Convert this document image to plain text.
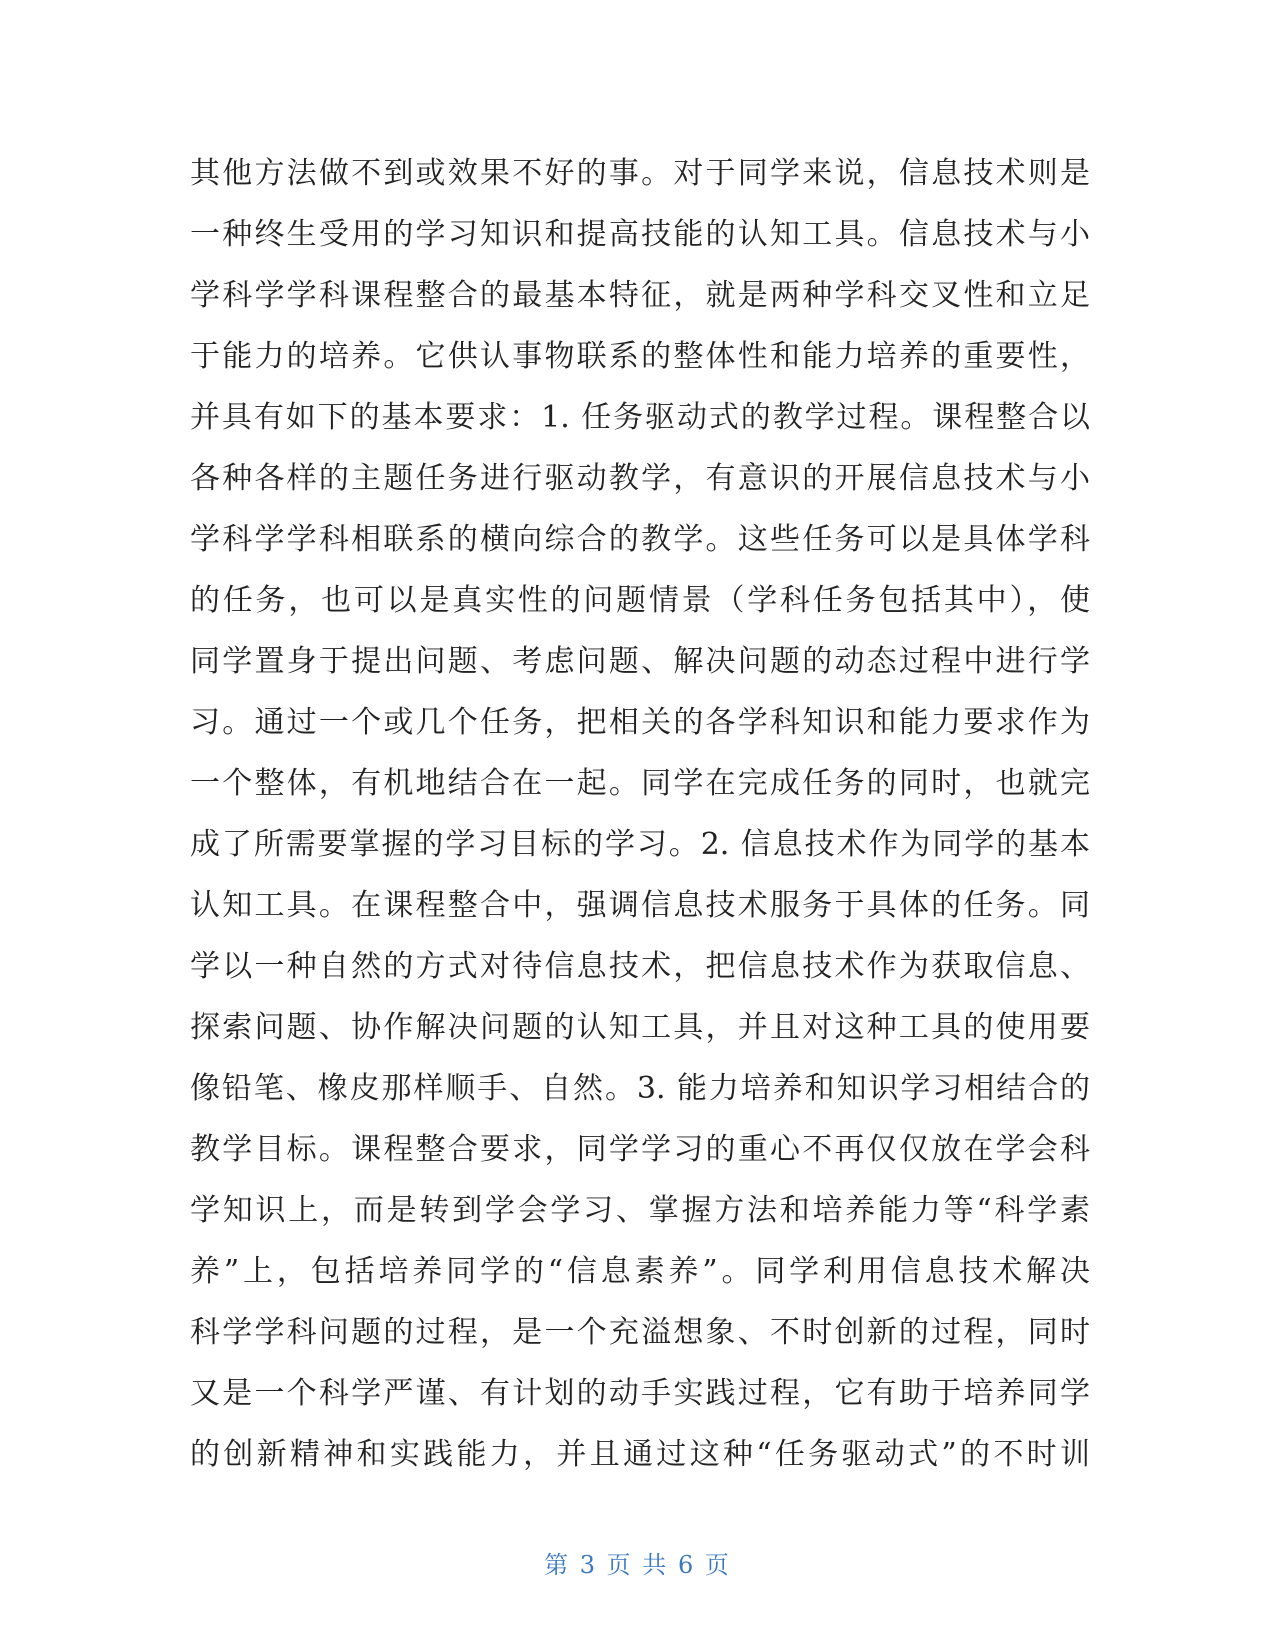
其他方法做不到或效果不好的事。对于同学来说，信息技术则是
一种终生受用的学习知识和提高技能的认知工具。信息技术与小
学科学学科课程整合的最基本特征，就是两种学科交叉性和立足
于能力的培养。它供认事物联系的整体性和能力培养的重要性，
并具有如下的基本要求：1. 任务驱动式的教学过程。课程整合以
各种各样的主题任务进行驱动教学，有意识的开展信息技术与小
学科学学科相联系的横向综合的教学。这些任务可以是具体学科
的任务，也可以是真实性的问题情景（学科任务包括其中），使
同学置身于提出问题、考虑问题、解决问题的动态过程中进行学
习。通过一个或几个任务，把相关的各学科知识和能力要求作为
一个整体，有机地结合在一起。同学在完成任务的同时，也就完
成了所需要掌握的学习目标的学习。2. 信息技术作为同学的基本
认知工具。在课程整合中，强调信息技术服务于具体的任务。同
学以一种自然的方式对待信息技术，把信息技术作为获取信息、
探索问题、协作解决问题的认知工具，并且对这种工具的使用要
像铅笔、橡皮那样顺手、自然。3. 能力培养和知识学习相结合的
教学目标。课程整合要求，同学学习的重心不再仅仅放在学会科
学知识上，而是转到学会学习、掌握方法和培养能力等“科学素
养”上，包括培养同学的“信息素养”。同学利用信息技术解决
科学学科问题的过程，是一个充溢想象、不时创新的过程，同时
又是一个科学严谨、有计划的动手实践过程，它有助于培养同学
的创新精神和实践能力，并且通过这种“任务驱动式”的不时训
第 3 页 共 6 页
